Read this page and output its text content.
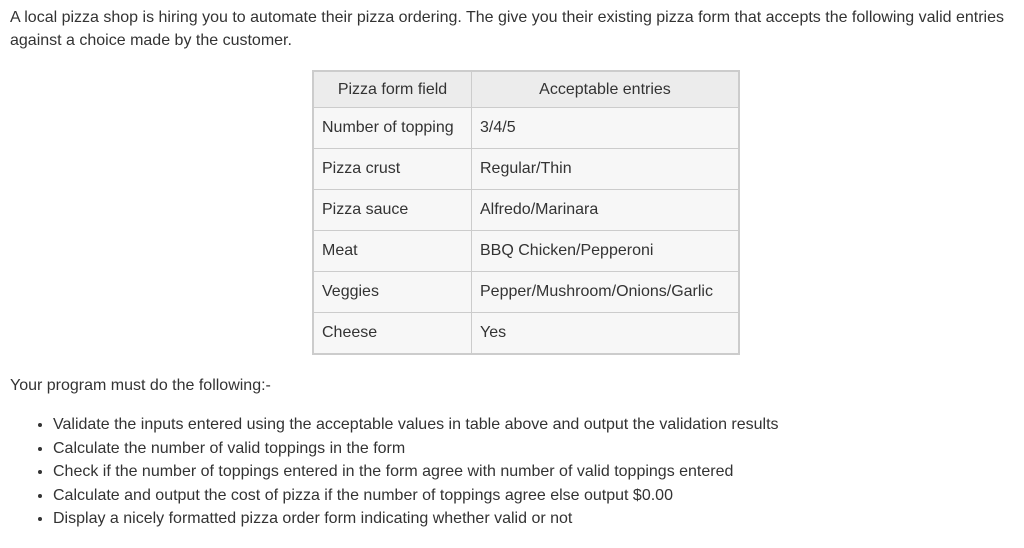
A local pizza shop is hiring you to automate their pizza ordering. The give you their existing pizza form that accepts the following valid entries against a choice made by the customer.

Pizza form field	Acceptable entries
Number of topping	3/4/5
Pizza crust	Regular/Thin
Pizza sauce	Alfredo/Marinara
Meat	BBQ Chicken/Pepperoni
Veggies	Pepper/Mushroom/Onions/Garlic
Cheese	Yes

Your program must do the following:-

• Validate the inputs entered using the acceptable values in table above and output the validation results
• Calculate the number of valid toppings in the form
• Check if the number of toppings entered in the form agree with number of valid toppings entered
• Calculate and output the cost of pizza if the number of toppings agree else output $0.00
• Display a nicely formatted pizza order form indicating whether valid or not
